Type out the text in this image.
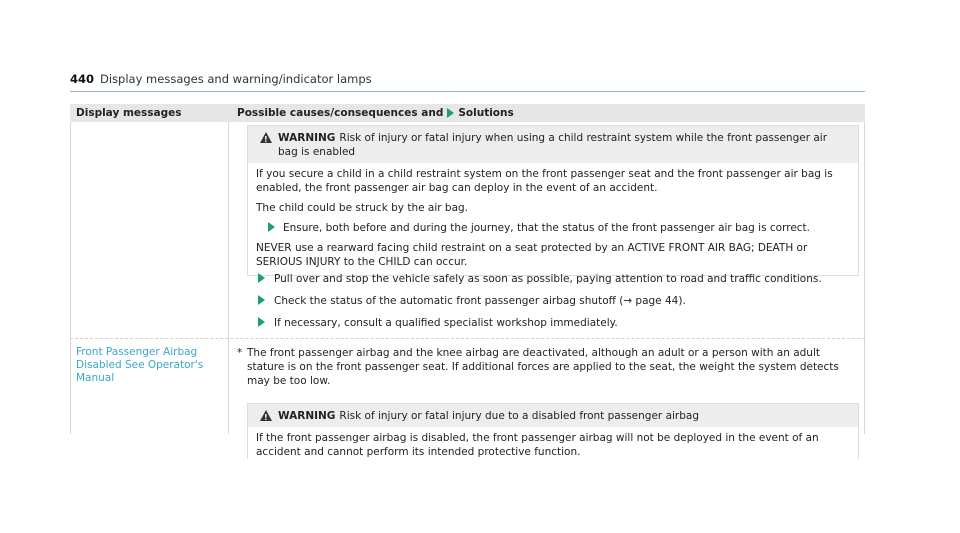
440 Display messages and warning/indicator lamps
Display messages	Possible causes/consequences and Solutions
!
WARNING Risk of injury or fatal injury when using a child restraint system while the front passenger air bag is enabled

If you secure a child in a child restraint system on the front passenger seat and the front passenger air bag is enabled, the front passenger air bag can deploy in the event of an accident.

The child could be struck by the air bag.

Ensure, both before and during the journey, that the status of the front passenger air bag is correct.

NEVER use a rearward facing child restraint on a seat protected by an ACTIVE FRONT AIR BAG; DEATH or SERIOUS INJURY to the CHILD can occur.

Pull over and stop the vehicle safely as soon as possible, paying attention to road and traffic conditions.
Check the status of the automatic front passenger airbag shutoff (→ page 44).
If necessary, consult a qualified specialist workshop immediately.
Front Passenger Airbag Disabled See Operator's Manual
* The front passenger airbag and the knee airbag are deactivated, although an adult or a person with an adult stature is on the front passenger seat. If additional forces are applied to the seat, the weight the system detects may be too low.
!
WARNING Risk of injury or fatal injury due to a disabled front passenger airbag

If the front passenger airbag is disabled, the front passenger airbag will not be deployed in the event of an accident and cannot perform its intended protective function.
